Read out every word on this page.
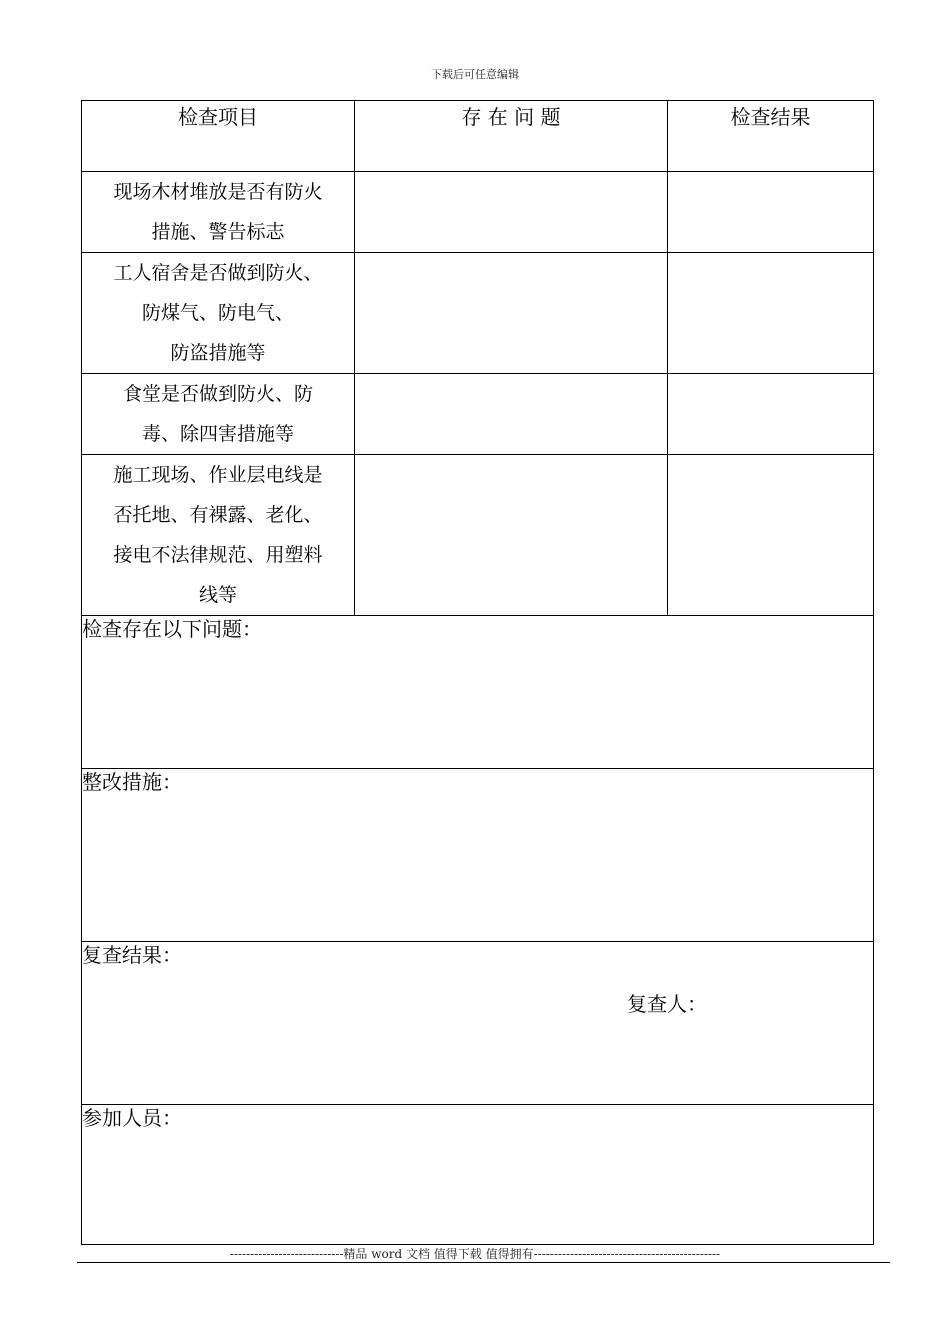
下载后可任意编辑
检查项目	存 在 问 题	检查结果

现场木材堆放是否有防火
措施、警告标志		

工人宿舍是否做到防火、
防煤气、防电气、
防盗措施等		

食堂是否做到防火、防
毒、除四害措施等		

施工现场、作业层电线是
否托地、有裸露、老化、
接电不法律规范、用塑料
线等		

检查存在以下问题：		

整改措施：		

复查结果：
复查人：		

参加人员：		
----------------------------精品 word 文档 值得下载 值得拥有----------------------------------------------
